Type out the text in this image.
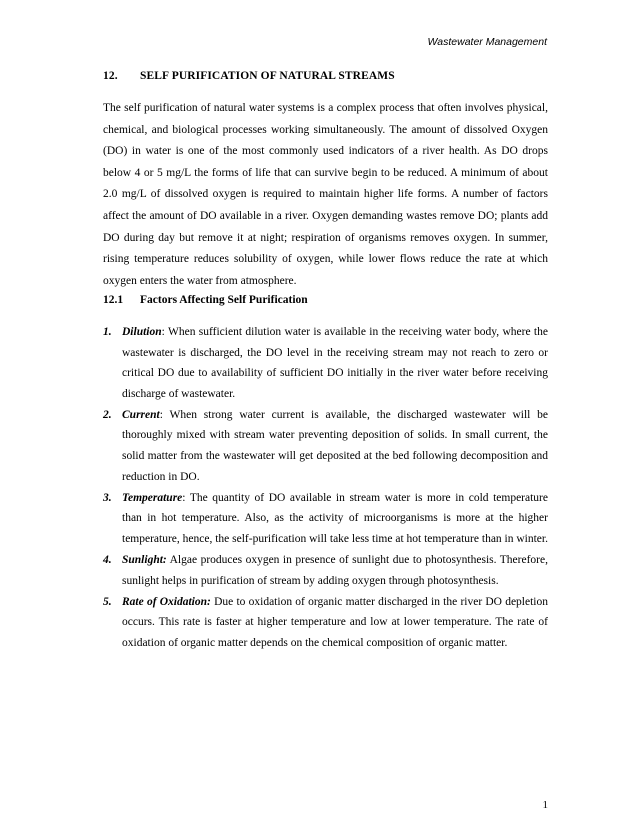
Wastewater Management
12. SELF PURIFICATION OF NATURAL STREAMS

The self purification of natural water systems is a complex process that often involves physical, chemical, and biological processes working simultaneously. The amount of dissolved Oxygen (DO) in water is one of the most commonly used indicators of a river health. As DO drops below 4 or 5 mg/L the forms of life that can survive begin to be reduced. A minimum of about 2.0 mg/L of dissolved oxygen is required to maintain higher life forms. A number of factors affect the amount of DO available in a river. Oxygen demanding wastes remove DO; plants add DO during day but remove it at night; respiration of organisms removes oxygen. In summer, rising temperature reduces solubility of oxygen, while lower flows reduce the rate at which oxygen enters the water from atmosphere.

12.1 Factors Affecting Self Purification
1. Dilution: When sufficient dilution water is available in the receiving water body, where the wastewater is discharged, the DO level in the receiving stream may not reach to zero or critical DO due to availability of sufficient DO initially in the river water before receiving discharge of wastewater.
2. Current: When strong water current is available, the discharged wastewater will be thoroughly mixed with stream water preventing deposition of solids. In small current, the solid matter from the wastewater will get deposited at the bed following decomposition and reduction in DO.
3. Temperature: The quantity of DO available in stream water is more in cold temperature than in hot temperature. Also, as the activity of microorganisms is more at the higher temperature, hence, the self-purification will take less time at hot temperature than in winter.
4. Sunlight: Algae produces oxygen in presence of sunlight due to photosynthesis. Therefore, sunlight helps in purification of stream by adding oxygen through photosynthesis.
5. Rate of Oxidation: Due to oxidation of organic matter discharged in the river DO depletion occurs. This rate is faster at higher temperature and low at lower temperature. The rate of oxidation of organic matter depends on the chemical composition of organic matter.
1
